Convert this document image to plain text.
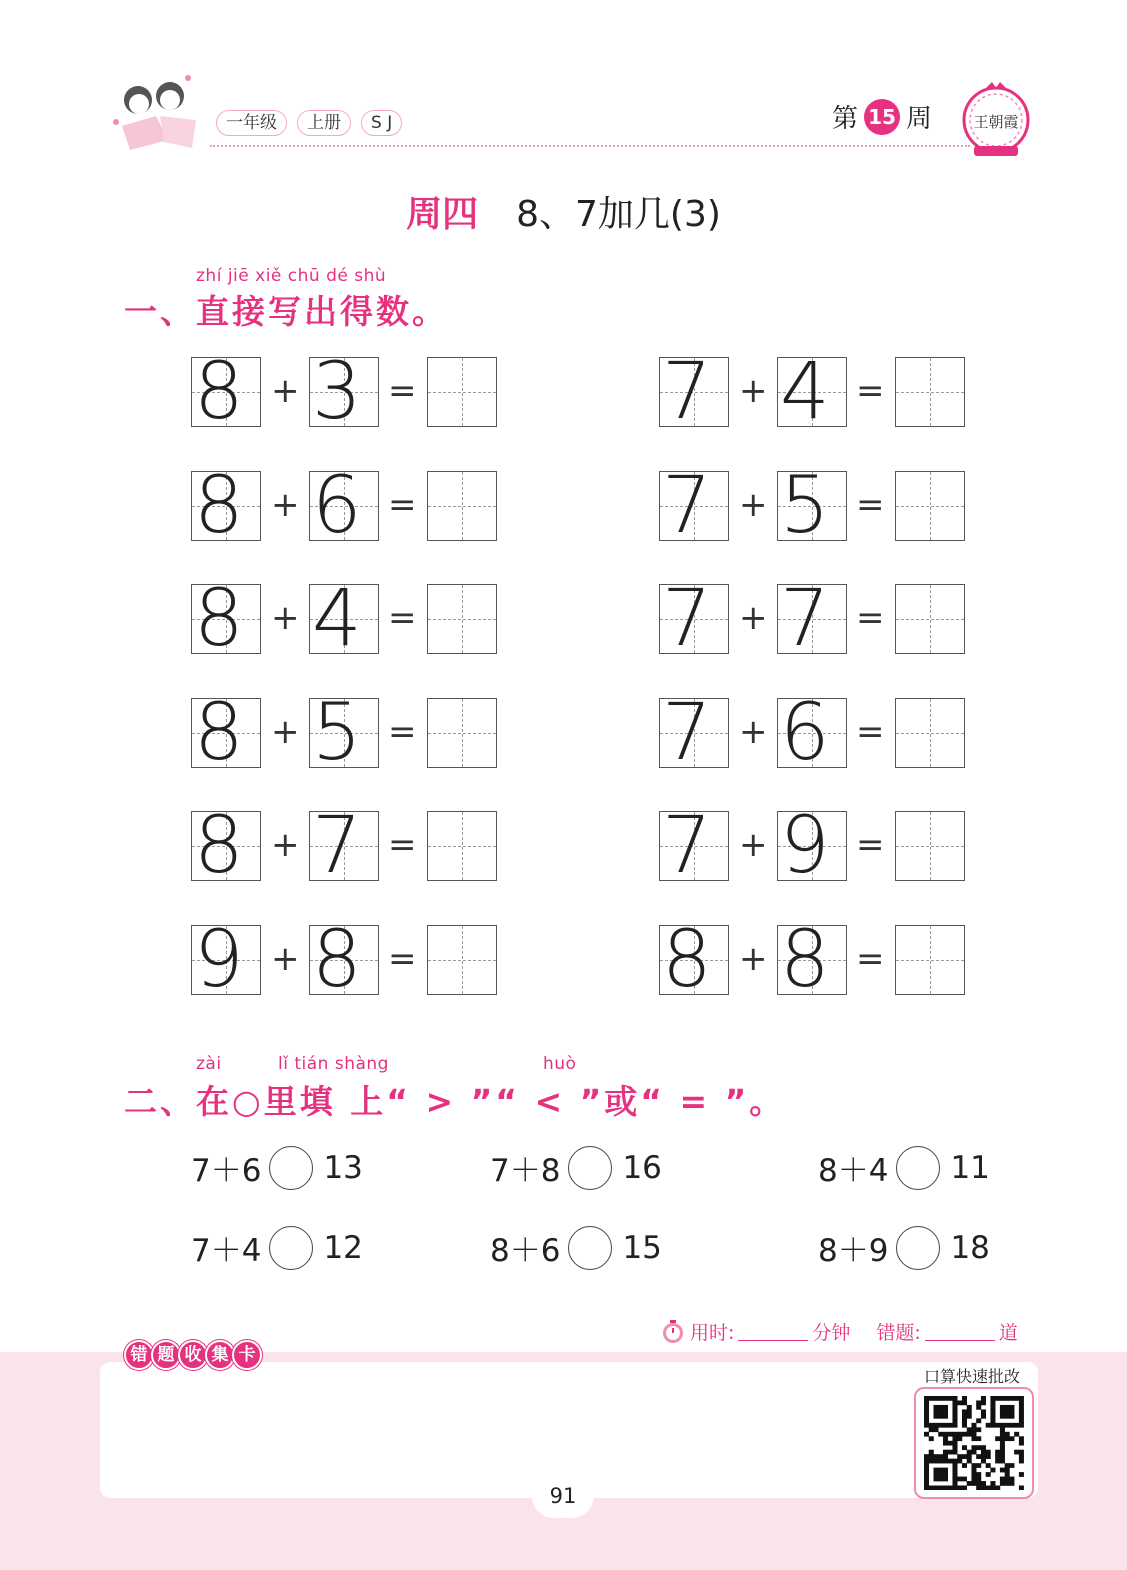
一年级	上册	S J	第 15 周	王朝霞
周四 8、7加几(3)
zhí jiē xiě chū dé shù
一、直接写出得数。
8 + 3 =	7 + 4 =
8 + 6 =	7 + 5 =
8 + 4 =	7 + 7 =
8 + 5 =	7 + 6 =
8 + 7 =	7 + 9 =
9 + 8 =	8 + 8 =
zài	lǐ tián shàng	huò
二、在○里填 上“ > ”“ < ”或“ = ”。
7＋6 13	7＋8 16	8＋4 11
7＋4 12	8＋6 15	8＋9 18
用时:	分钟 错题:	道
错 题 收 集 卡
口算快速批改
91
